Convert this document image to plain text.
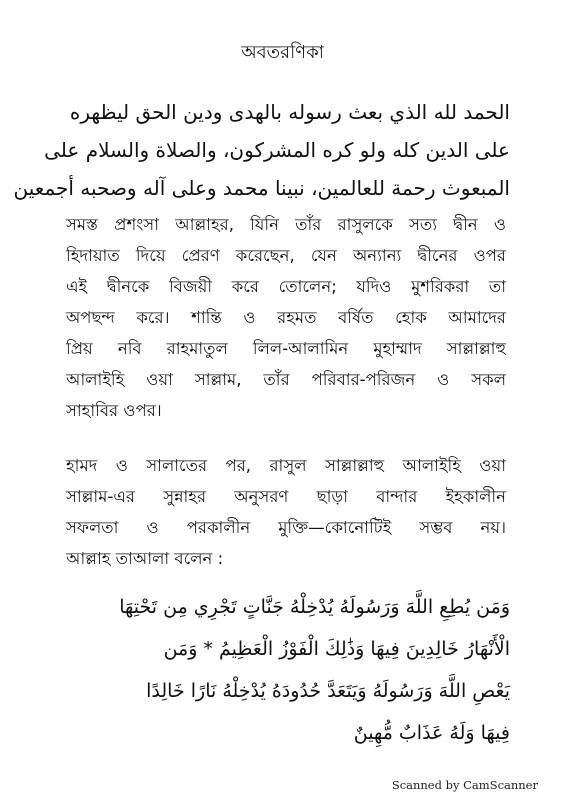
অবতরণিকা
الحمد لله الذي بعث رسوله بالهدى ودين الحق ليظهره
على الدين كله ولو كره المشركون، والصلاة والسلام على
المبعوث رحمة للعالمين، نبينا محمد وعلى آله وصحبه أجمعين
সমস্ত প্রশংসা আল্লাহর, যিনি তাঁর রাসুলকে সত্য দ্বীন ও
হিদায়াত দিয়ে প্রেরণ করেছেন, যেন অন্যান্য দ্বীনের ওপর
এই দ্বীনকে বিজয়ী করে তোলেন; যদিও মুশরিকরা তা
অপছন্দ করে। শান্তি ও রহমত বর্ষিত হোক আমাদের
প্রিয় নবি রাহমাতুল লিল-আলামিন মুহাম্মাদ সাল্লাল্লাহু
আলাইহি ওয়া সাল্লাম, তাঁর পরিবার-পরিজন ও সকল
সাহাবির ওপর।
হামদ ও সালাতের পর, রাসুল সাল্লাল্লাহু আলাইহি ওয়া
সাল্লাম-এর সুন্নাহর অনুসরণ ছাড়া বান্দার ইহকালীন
সফলতা ও পরকালীন মুক্তি—কোনোটিই সম্ভব নয়।
আল্লাহ তাআলা বলেন :
وَمَن يُطِعِ اللَّهَ وَرَسُولَهُ يُدْخِلْهُ جَنَّاتٍ تَجْرِي مِن تَحْتِهَا
الْأَنْهَارُ خَالِدِينَ فِيهَا وَذَٰلِكَ الْفَوْزُ الْعَظِيمُ * وَمَن
يَعْصِ اللَّهَ وَرَسُولَهُ وَيَتَعَدَّ حُدُودَهُ يُدْخِلْهُ نَارًا خَالِدًا
فِيهَا وَلَهُ عَذَابٌ مُّهِينٌ
Scanned by CamScanner
